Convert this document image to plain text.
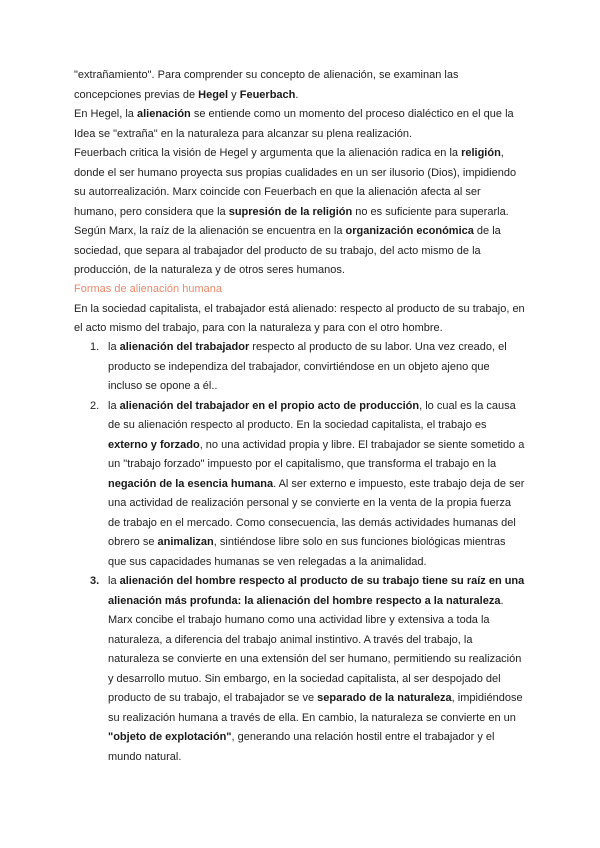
"extrañamiento". Para comprender su concepto de alienación, se examinan las concepciones previas de Hegel y Feuerbach.

En Hegel, la alienación se entiende como un momento del proceso dialéctico en el que la Idea se "extraña" en la naturaleza para alcanzar su plena realización.

Feuerbach critica la visión de Hegel y argumenta que la alienación radica en la religión, donde el ser humano proyecta sus propias cualidades en un ser ilusorio (Dios), impidiendo su autorrealización. Marx coincide con Feuerbach en que la alienación afecta al ser humano, pero considera que la supresión de la religión no es suficiente para superarla.

Según Marx, la raíz de la alienación se encuentra en la organización económica de la sociedad, que separa al trabajador del producto de su trabajo, del acto mismo de la producción, de la naturaleza y de otros seres humanos.

Formas de alienación humana

En la sociedad capitalista, el trabajador está alienado: respecto al producto de su trabajo, en el acto mismo del trabajo, para con la naturaleza y para con el otro hombre.

1. la alienación del trabajador respecto al producto de su labor. Una vez creado, el producto se independiza del trabajador, convirtiéndose en un objeto ajeno que incluso se opone a él..
2. la alienación del trabajador en el propio acto de producción, lo cual es la causa de su alienación respecto al producto. En la sociedad capitalista, el trabajo es externo y forzado, no una actividad propia y libre. El trabajador se siente sometido a un "trabajo forzado" impuesto por el capitalismo, que transforma el trabajo en la negación de la esencia humana. Al ser externo e impuesto, este trabajo deja de ser una actividad de realización personal y se convierte en la venta de la propia fuerza de trabajo en el mercado. Como consecuencia, las demás actividades humanas del obrero se animalizan, sintiéndose libre solo en sus funciones biológicas mientras que sus capacidades humanas se ven relegadas a la animalidad.
3. la alienación del hombre respecto al producto de su trabajo tiene su raíz en una alienación más profunda: la alienación del hombre respecto a la naturaleza. Marx concibe el trabajo humano como una actividad libre y extensiva a toda la naturaleza, a diferencia del trabajo animal instintivo. A través del trabajo, la naturaleza se convierte en una extensión del ser humano, permitiendo su realización y desarrollo mutuo. Sin embargo, en la sociedad capitalista, al ser despojado del producto de su trabajo, el trabajador se ve separado de la naturaleza, impidiéndose su realización humana a través de ella. En cambio, la naturaleza se convierte en un "objeto de explotación", generando una relación hostil entre el trabajador y el mundo natural.
